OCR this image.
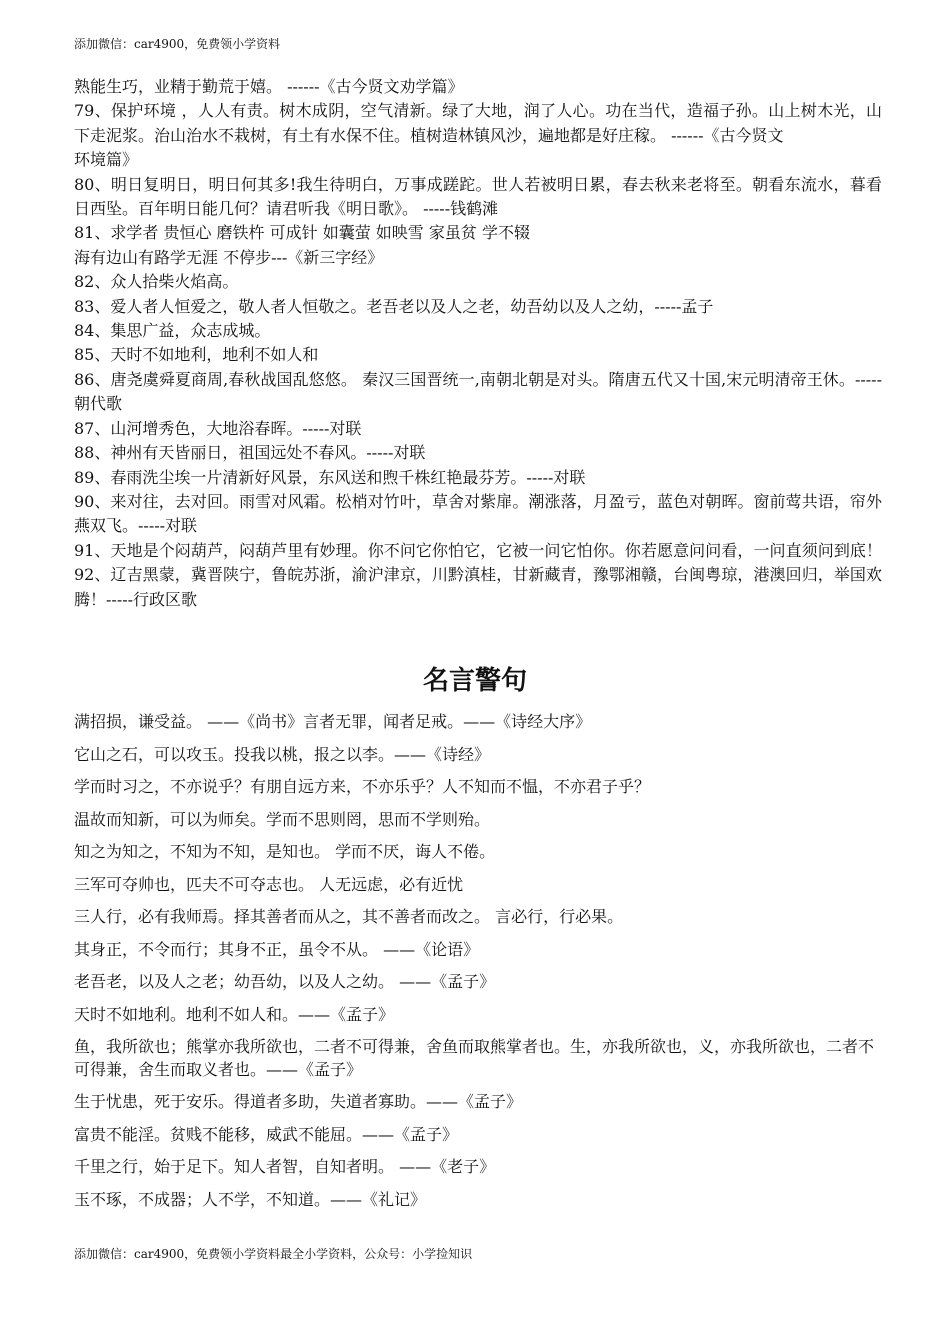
添加微信：car4900，免费领小学资料

熟能生巧，业精于勤荒于嬉。 ------《古今贤文劝学篇》

79、保护环境 ，人人有责。树木成阴，空气清新。绿了大地，润了人心。功在当代，造福子孙。山上树木光，山下走泥浆。治山治水不栽树，有土有水保不住。植树造林镇风沙，遍地都是好庄稼。 ------《古今贤文

环境篇》

80、明日复明日，明日何其多!我生待明白，万事成蹉跎。世人若被明日累，春去秋来老将至。朝看东流水，暮看日西坠。百年明日能几何？请君听我《明日歌》。 -----钱鹤滩

81、求学者 贵恒心 磨铁杵 可成针 如囊萤 如映雪 家虽贫 学不辍

海有边山有路学无涯 不停步---《新三字经》

82、众人拾柴火焰高。

83、爱人者人恒爱之，敬人者人恒敬之。老吾老以及人之老，幼吾幼以及人之幼，-----孟子

84、集思广益，众志成城。

85、天时不如地利，地利不如人和

86、唐尧虞舜夏商周,春秋战国乱悠悠。 秦汉三国晋统一,南朝北朝是对头。隋唐五代又十国,宋元明清帝王休。-----朝代歌

87、山河增秀色，大地浴春晖。-----对联

88、神州有天皆丽日，祖国远处不春风。-----对联

89、春雨洗尘埃一片清新好风景，东风送和煦千株红艳最芬芳。-----对联

90、来对往，去对回。雨雪对风霜。松梢对竹叶，草舍对紫扉。潮涨落，月盈亏，蓝色对朝晖。窗前莺共语，帘外燕双飞。-----对联

91、天地是个闷葫芦，闷葫芦里有妙理。你不问它你怕它，它被一问它怕你。你若愿意问问看，一问直须问到底！92、辽吉黑蒙，冀晋陕宁，鲁皖苏浙，渝沪津京，川黔滇桂，甘新藏青，豫鄂湘赣，台闽粤琼，港澳回归，举国欢腾！-----行政区歌

名言警句

满招损，谦受益。 ——《尚书》言者无罪，闻者足戒。——《诗经大序》

它山之石，可以攻玉。投我以桃，报之以李。——《诗经》

学而时习之，不亦说乎？有朋自远方来，不亦乐乎？人不知而不愠，不亦君子乎？

温故而知新，可以为师矣。学而不思则罔，思而不学则殆。

知之为知之，不知为不知，是知也。 学而不厌，诲人不倦。

三军可夺帅也，匹夫不可夺志也。 人无远虑，必有近忧

三人行，必有我师焉。择其善者而从之，其不善者而改之。 言必行，行必果。

其身正，不令而行；其身不正，虽令不从。 ——《论语》

老吾老，以及人之老；幼吾幼，以及人之幼。 ——《孟子》

天时不如地利。地利不如人和。——《孟子》

鱼，我所欲也；熊掌亦我所欲也，二者不可得兼，舍鱼而取熊掌者也。生，亦我所欲也，义，亦我所欲也，二者不可得兼，舍生而取义者也。——《孟子》

生于忧患，死于安乐。得道者多助，失道者寡助。——《孟子》

富贵不能淫。贫贱不能移，威武不能屈。——《孟子》

千里之行，始于足下。知人者智，自知者明。 ——《老子》

玉不琢，不成器；人不学，不知道。——《礼记》

添加微信：car4900，免费领小学资料最全小学资料，公众号：小学捡知识
